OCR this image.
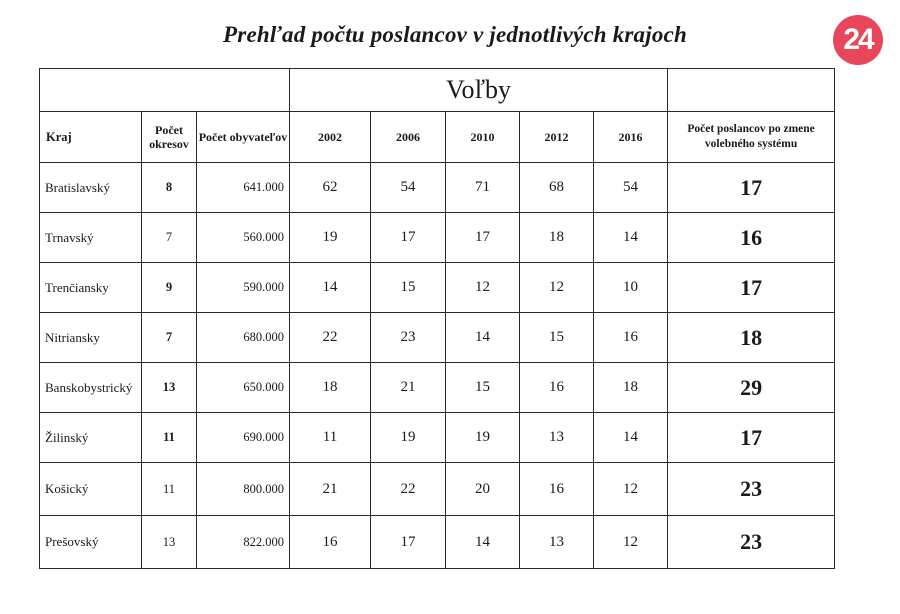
Prehľad počtu poslancov v jednotlivých krajoch	24
			Voľby					
Kraj	Počet okresov	Počet obyvateľov	2002	2006	2010	2012	2016	Počet poslancov po zmene volebného systému
Bratislavský	8	641.000	62	54	71	68	54	17
Trnavský	7	560.000	19	17	17	18	14	16
Trenčiansky	9	590.000	14	15	12	12	10	17
Nitriansky	7	680.000	22	23	14	15	16	18
Banskobystrický	13	650.000	18	21	15	16	18	29
Žilinský	11	690.000	11	19	19	13	14	17
Košický	11	800.000	21	22	20	16	12	23
Prešovský	13	822.000	16	17	14	13	12	23
